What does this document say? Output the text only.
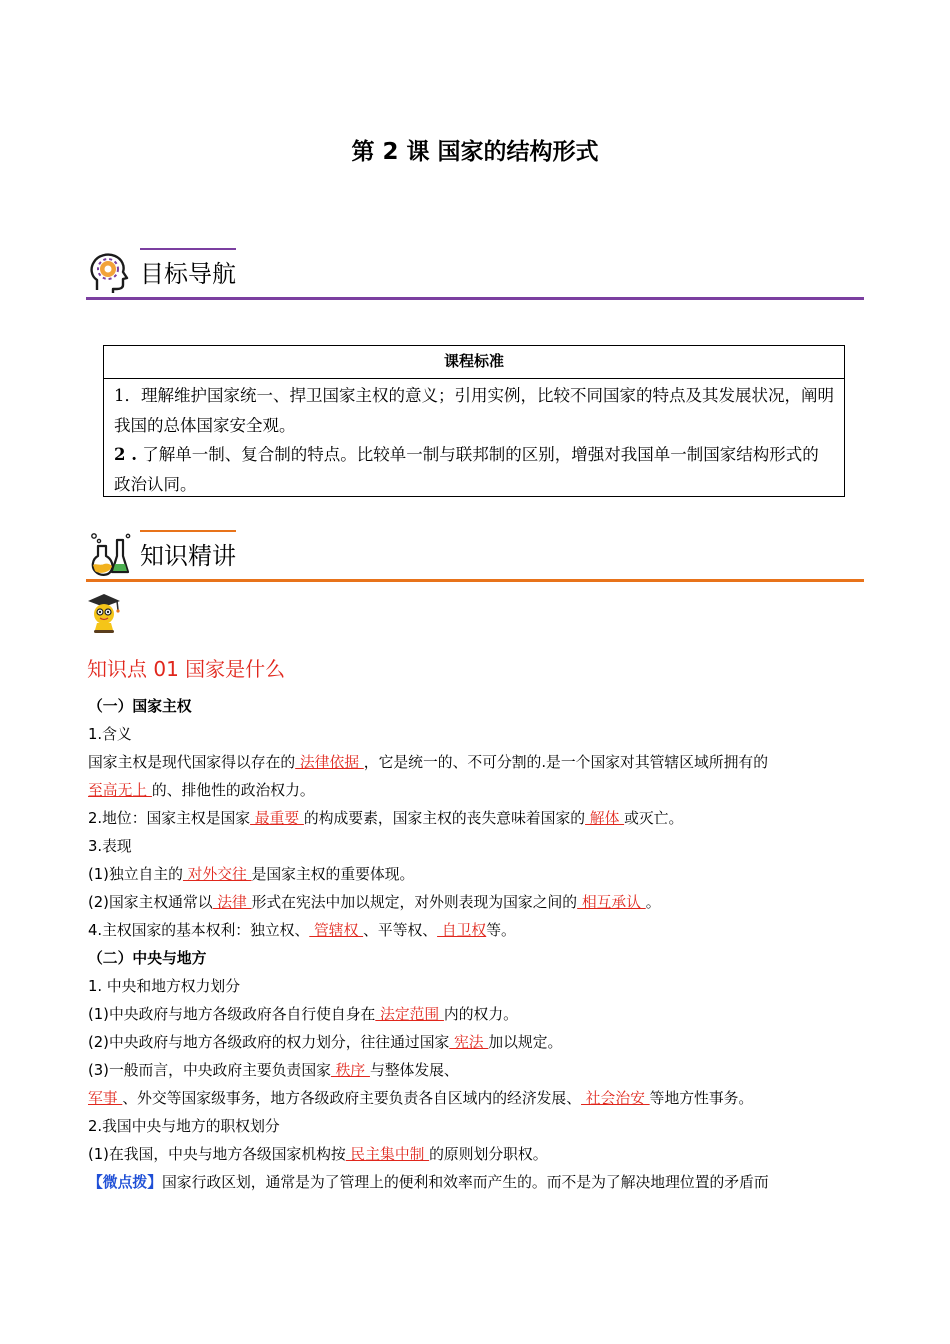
第 2 课 国家的结构形式
目标导航
课程标准
1．理解维护国家统一、捍卫国家主权的意义；引用实例，比较不同国家的特点及其发展状况，阐明我国的总体国家安全观。
2 . 了解单一制、复合制的特点。比较单一制与联邦制的区别，增强对我国单一制国家结构形式的政治认同。
知识精讲
知识点 01 国家是什么
（一）国家主权
1.含义
国家主权是现代国家得以存在的 法律依据 ，它是统一的、不可分割的.是一个国家对其管辖区域所拥有的
至高无上 的、排他性的政治权力。
2.地位：国家主权是国家 最重要 的构成要素，国家主权的丧失意味着国家的 解体 或灭亡。
3.表现
(1)独立自主的 对外交往 是国家主权的重要体现。
(2)国家主权通常以 法律 形式在宪法中加以规定，对外则表现为国家之间的 相互承认 。
4.主权国家的基本权利：独立权、 管辖权 、平等权、 自卫权等。
（二）中央与地方
1. 中央和地方权力划分
(1)中央政府与地方各级政府各自行使自身在 法定范围 内的权力。
(2)中央政府与地方各级政府的权力划分，往往通过国家 宪法 加以规定。
(3)一般而言，中央政府主要负责国家 秩序 与整体发展、
军事 、外交等国家级事务，地方各级政府主要负责各自区域内的经济发展、 社会治安 等地方性事务。
2.我国中央与地方的职权划分
(1)在我国，中央与地方各级国家机构按 民主集中制 的原则划分职权。
【微点拨】国家行政区划，通常是为了管理上的便利和效率而产生的。而不是为了解决地理位置的矛盾而
